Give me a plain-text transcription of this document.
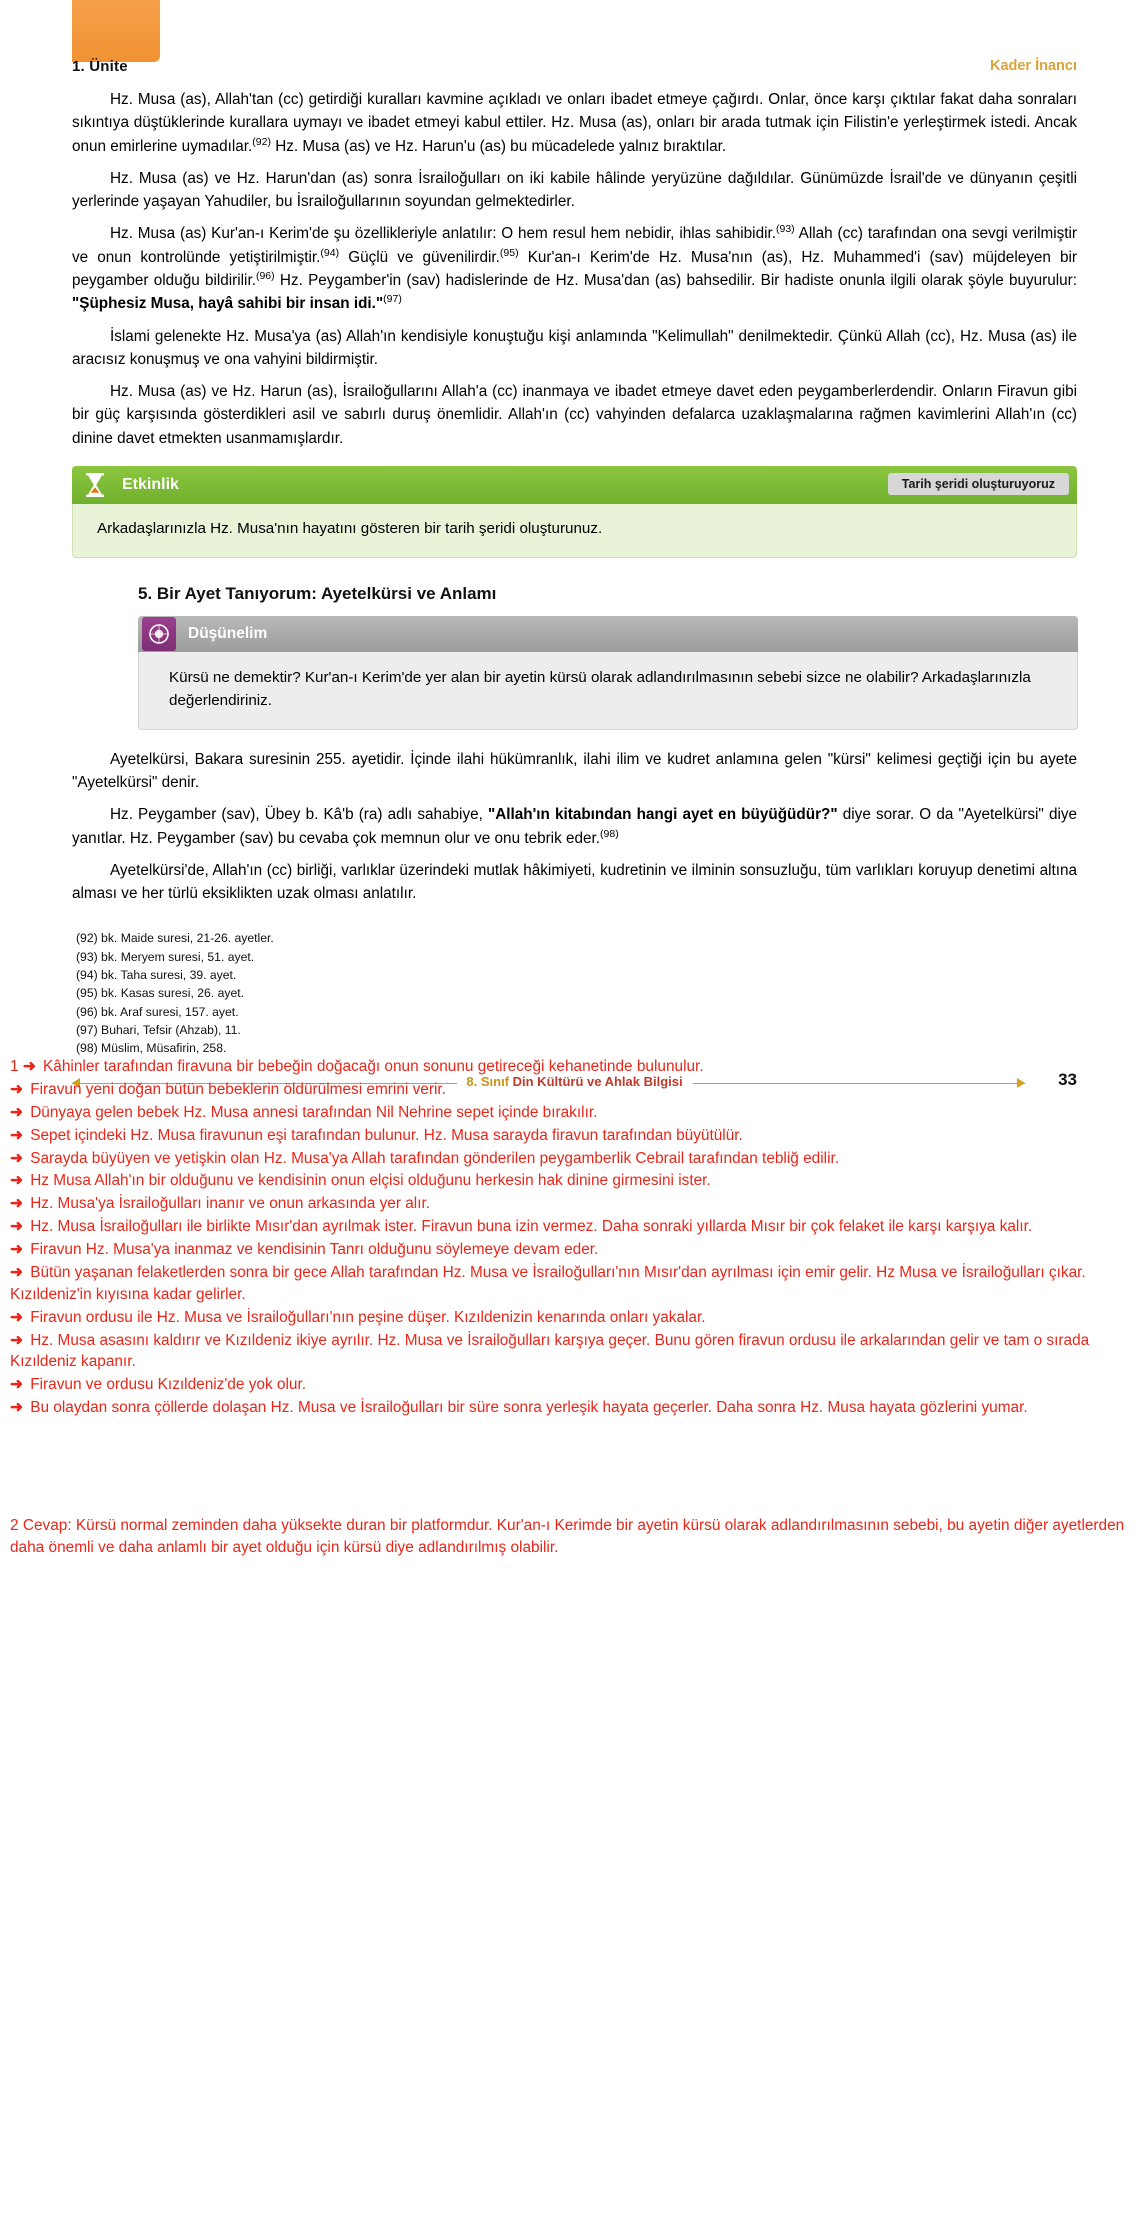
1. Ünite	Kader İnancı

Hz. Musa (as), Allah'tan (cc) getirdiği kuralları kavmine açıkladı ve onları ibadet etmeye çağırdı. Onlar, önce karşı çıktılar fakat daha sonraları sıkıntıya düştüklerinde kurallara uymayı ve ibadet etmeyi kabul ettiler. Hz. Musa (as), onları bir arada tutmak için Filistin'e yerleştirmek istedi. Ancak onun emirlerine uymadılar.$^{(92)}$ Hz. Musa (as) ve Hz. Harun'u (as) bu mücadelede yalnız bıraktılar.

Hz. Musa (as) ve Hz. Harun'dan (as) sonra İsrailoğulları on iki kabile hâlinde yeryüzüne dağıldılar. Günümüzde İsrail'de ve dünyanın çeşitli yerlerinde yaşayan Yahudiler, bu İsrailoğullarının soyundan gelmektedirler.

Hz. Musa (as) Kur'an-ı Kerim'de şu özellikleriyle anlatılır: O hem resul hem nebidir, ihlas sahibidir.$^{(93)}$ Allah (cc) tarafından ona sevgi verilmiştir ve onun kontrolünde yetiştirilmiştir.$^{(94)}$ Güçlü ve güvenilirdir.$^{(95)}$ Kur'an-ı Kerim'de Hz. Musa'nın (as), Hz. Muhammed'i (sav) müjdeleyen bir peygamber olduğu bildirilir.$^{(96)}$ Hz. Peygamber'in (sav) hadislerinde de Hz. Musa'dan (as) bahsedilir. Bir hadiste onunla ilgili olarak şöyle buyurulur: "Şüphesiz Musa, hayâ sahibi bir insan idi."$^{(97)}$

İslami gelenekte Hz. Musa'ya (as) Allah'ın kendisiyle konuştuğu kişi anlamında "Kelimullah" denilmektedir. Çünkü Allah (cc), Hz. Musa (as) ile aracısız konuşmuş ve ona vahyini bildirmiştir.

Hz. Musa (as) ve Hz. Harun (as), İsrailoğullarını Allah'a (cc) inanmaya ve ibadet etmeye davet eden peygamberlerdendir. Onların Firavun gibi bir güç karşısında gösterdikleri asil ve sabırlı duruş önemlidir. Allah'ın (cc) vahyinden defalarca uzaklaşmalarına rağmen kavimlerini Allah'ın (cc) dinine davet etmekten usanmamışlardır.

Etkinlik	Tarih şeridi oluşturuyoruz
Arkadaşlarınızla Hz. Musa'nın hayatını gösteren bir tarih şeridi oluşturunuz.
5. Bir Ayet Tanıyorum: Ayetelkürsi ve Anlamı
Düşünelim
Kürsü ne demektir? Kur'an-ı Kerim'de yer alan bir ayetin kürsü olarak adlandırılmasının sebebi sizce ne olabilir? Arkadaşlarınızla değerlendiriniz.

Ayetelkürsi, Bakara suresinin 255. ayetidir. İçinde ilahi hükümranlık, ilahi ilim ve kudret anlamına gelen "kürsi" kelimesi geçtiği için bu ayete "Ayetelkürsi" denir.

Hz. Peygamber (sav), Übey b. Kâ'b (ra) adlı sahabiye, "Allah'ın kitabından hangi ayet en büyüğüdür?" diye sorar. O da "Ayetelkürsi" diye yanıtlar. Hz. Peygamber (sav) bu cevaba çok memnun olur ve onu tebrik eder.$^{(98)}$

Ayetelkürsi'de, Allah'ın (cc) birliği, varlıklar üzerindeki mutlak hâkimiyeti, kudretinin ve ilminin sonsuzluğu, tüm varlıkları koruyup denetimi altına alması ve her türlü eksiklikten uzak olması anlatılır.

(92) bk. Maide suresi, 21-26. ayetler.
(93) bk. Meryem suresi, 51. ayet.
(94) bk. Taha suresi, 39. ayet.
(95) bk. Kasas suresi, 26. ayet.
(96) bk. Araf suresi, 157. ayet.
(97) Buhari, Tefsir (Ahzab), 11.
(98) Müslim, Müsafirin, 258.
8. Sınıf Din Kültürü ve Ahlak Bilgisi	33
1 ➜ Kâhinler tarafından firavuna bir bebeğin doğacağı onun sonunu getireceği kehanetinde bulunulur.
➜ Firavun yeni doğan bütün bebeklerin öldürülmesi emrini verir.
➜ Dünyaya gelen bebek Hz. Musa annesi tarafından Nil Nehrine sepet içinde bırakılır.
➜ Sepet içindeki Hz. Musa firavunun eşi tarafından bulunur. Hz. Musa sarayda firavun tarafından büyütülür.
➜ Sarayda büyüyen ve yetişkin olan Hz. Musa'ya Allah tarafından gönderilen peygamberlik Cebrail tarafından tebliğ edilir.
➜ Hz Musa Allah'ın bir olduğunu ve kendisinin onun elçisi olduğunu herkesin hak dinine girmesini ister.
➜ Hz. Musa'ya İsrailoğulları inanır ve onun arkasında yer alır.
➜ Hz. Musa İsrailoğulları ile birlikte Mısır'dan ayrılmak ister. Firavun buna izin vermez. Daha sonraki yıllarda Mısır bir çok felaket ile karşı karşıya kalır.
➜ Firavun Hz. Musa'ya inanmaz ve kendisinin Tanrı olduğunu söylemeye devam eder.
➜ Bütün yaşanan felaketlerden sonra bir gece Allah tarafından Hz. Musa ve İsrailoğulları'nın Mısır'dan ayrılması için emir gelir. Hz Musa ve İsrailoğulları çıkar. Kızıldeniz'in kıyısına kadar gelirler.
➜ Firavun ordusu ile Hz. Musa ve İsrailoğulları'nın peşine düşer. Kızıldenizin kenarında onları yakalar.
➜ Hz. Musa asasını kaldırır ve Kızıldeniz ikiye ayrılır. Hz. Musa ve İsrailoğulları karşıya geçer. Bunu gören firavun ordusu ile arkalarından gelir ve tam o sırada Kızıldeniz kapanır.
➜ Firavun ve ordusu Kızıldeniz'de yok olur.
➜ Bu olaydan sonra çöllerde dolaşan Hz. Musa ve İsrailoğulları bir süre sonra yerleşik hayata geçerler. Daha sonra Hz. Musa hayata gözlerini yumar.
2 Cevap: Kürsü normal zeminden daha yüksekte duran bir platformdur. Kur'an-ı Kerimde bir ayetin kürsü olarak adlandırılmasının sebebi, bu ayetin diğer ayetlerden daha önemli ve daha anlamlı bir ayet olduğu için kürsü diye adlandırılmış olabilir.
